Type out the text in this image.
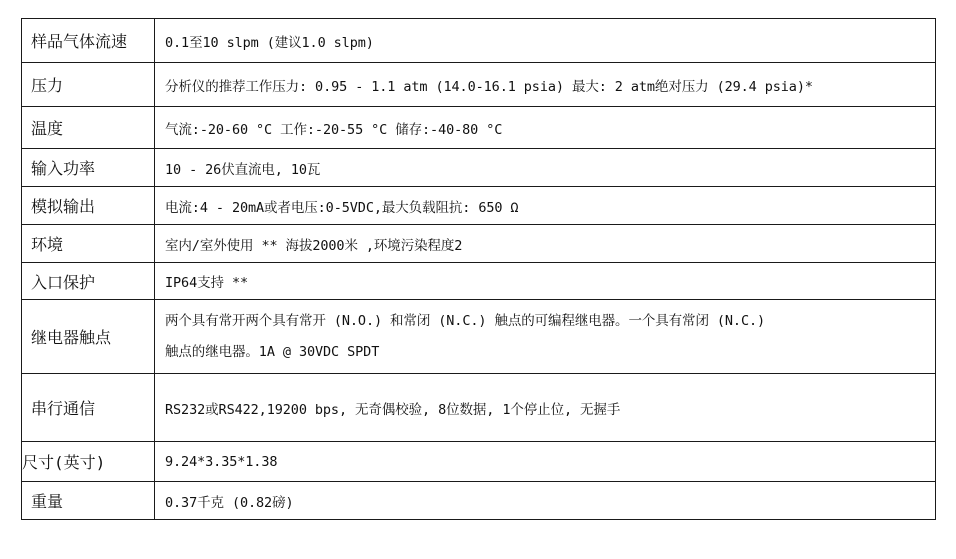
样品气体流速	0.1至10 slpm (建议1.0 slpm)
压力	分析仪的推荐工作压力: 0.95 - 1.1 atm (14.0-16.1 psia) 最大: 2 atm绝对压力 (29.4 psia)*
温度	气流:-20-60 °C 工作:-20-55 °C 储存:-40-80 °C
输入功率	10 - 26伏直流电, 10瓦
模拟输出	电流:4 - 20mA或者电压:0-5VDC,最大负载阻抗: 650 Ω
环境	室内/室外使用 ** 海拔2000米 ,环境污染程度2
入口保护	IP64支持 **
继电器触点	两个具有常开两个具有常开 (N.O.) 和常闭 (N.C.) 触点的可编程继电器。一个具有常闭 (N.C.)
触点的继电器。1A @ 30VDC SPDT

串行通信	RS232或RS422,19200 bps, 无奇偶校验, 8位数据, 1个停止位, 无握手
尺寸(英寸)	9.24*3.35*1.38
重量	0.37千克 (0.82磅)
